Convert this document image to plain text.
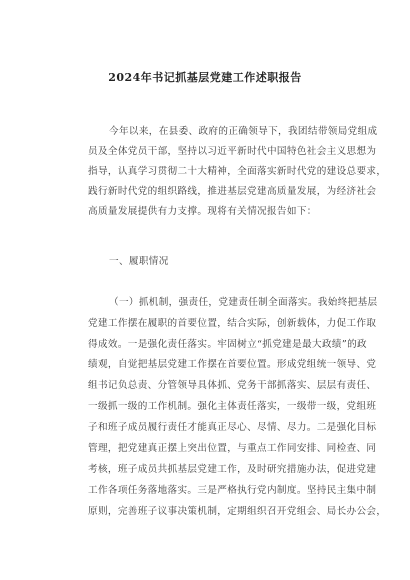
2024年书记抓基层党建工作述职报告
今年以来，在县委、政府的正确领导下，我团结带领局党组成
员及全体党员干部，坚持以习近平新时代中国特色社会主义思想为
指导，认真学习贯彻二十大精神，全面落实新时代党的建设总要求，
践行新时代党的组织路线，推进基层党建高质量发展，为经济社会
高质量发展提供有力支撑。现将有关情况报告如下：
一、履职情况
（一）抓机制，强责任，党建责任制全面落实。我始终把基层
党建工作摆在履职的首要位置，结合实际，创新载体，力促工作取
得成效。一是强化责任落实。牢固树立“抓党建是最大政绩”的政
绩观，自觉把基层党建工作摆在首要位置。形成党组统一领导、党
组书记负总责、分管领导具体抓、党务干部抓落实、层层有责任、
一级抓一级的工作机制。强化主体责任落实，一级带一级，党组班
子和班子成员履行责任才能真正尽心、尽情、尽力。二是强化目标
管理，把党建真正摆上突出位置，与重点工作同安排、同检查、同
考核，班子成员共抓基层党建工作，及时研究措施办法，促进党建
工作各项任务落地落实。三是严格执行党内制度。坚持民主集中制
原则，完善班子议事决策机制，定期组织召开党组会、局长办公会，
